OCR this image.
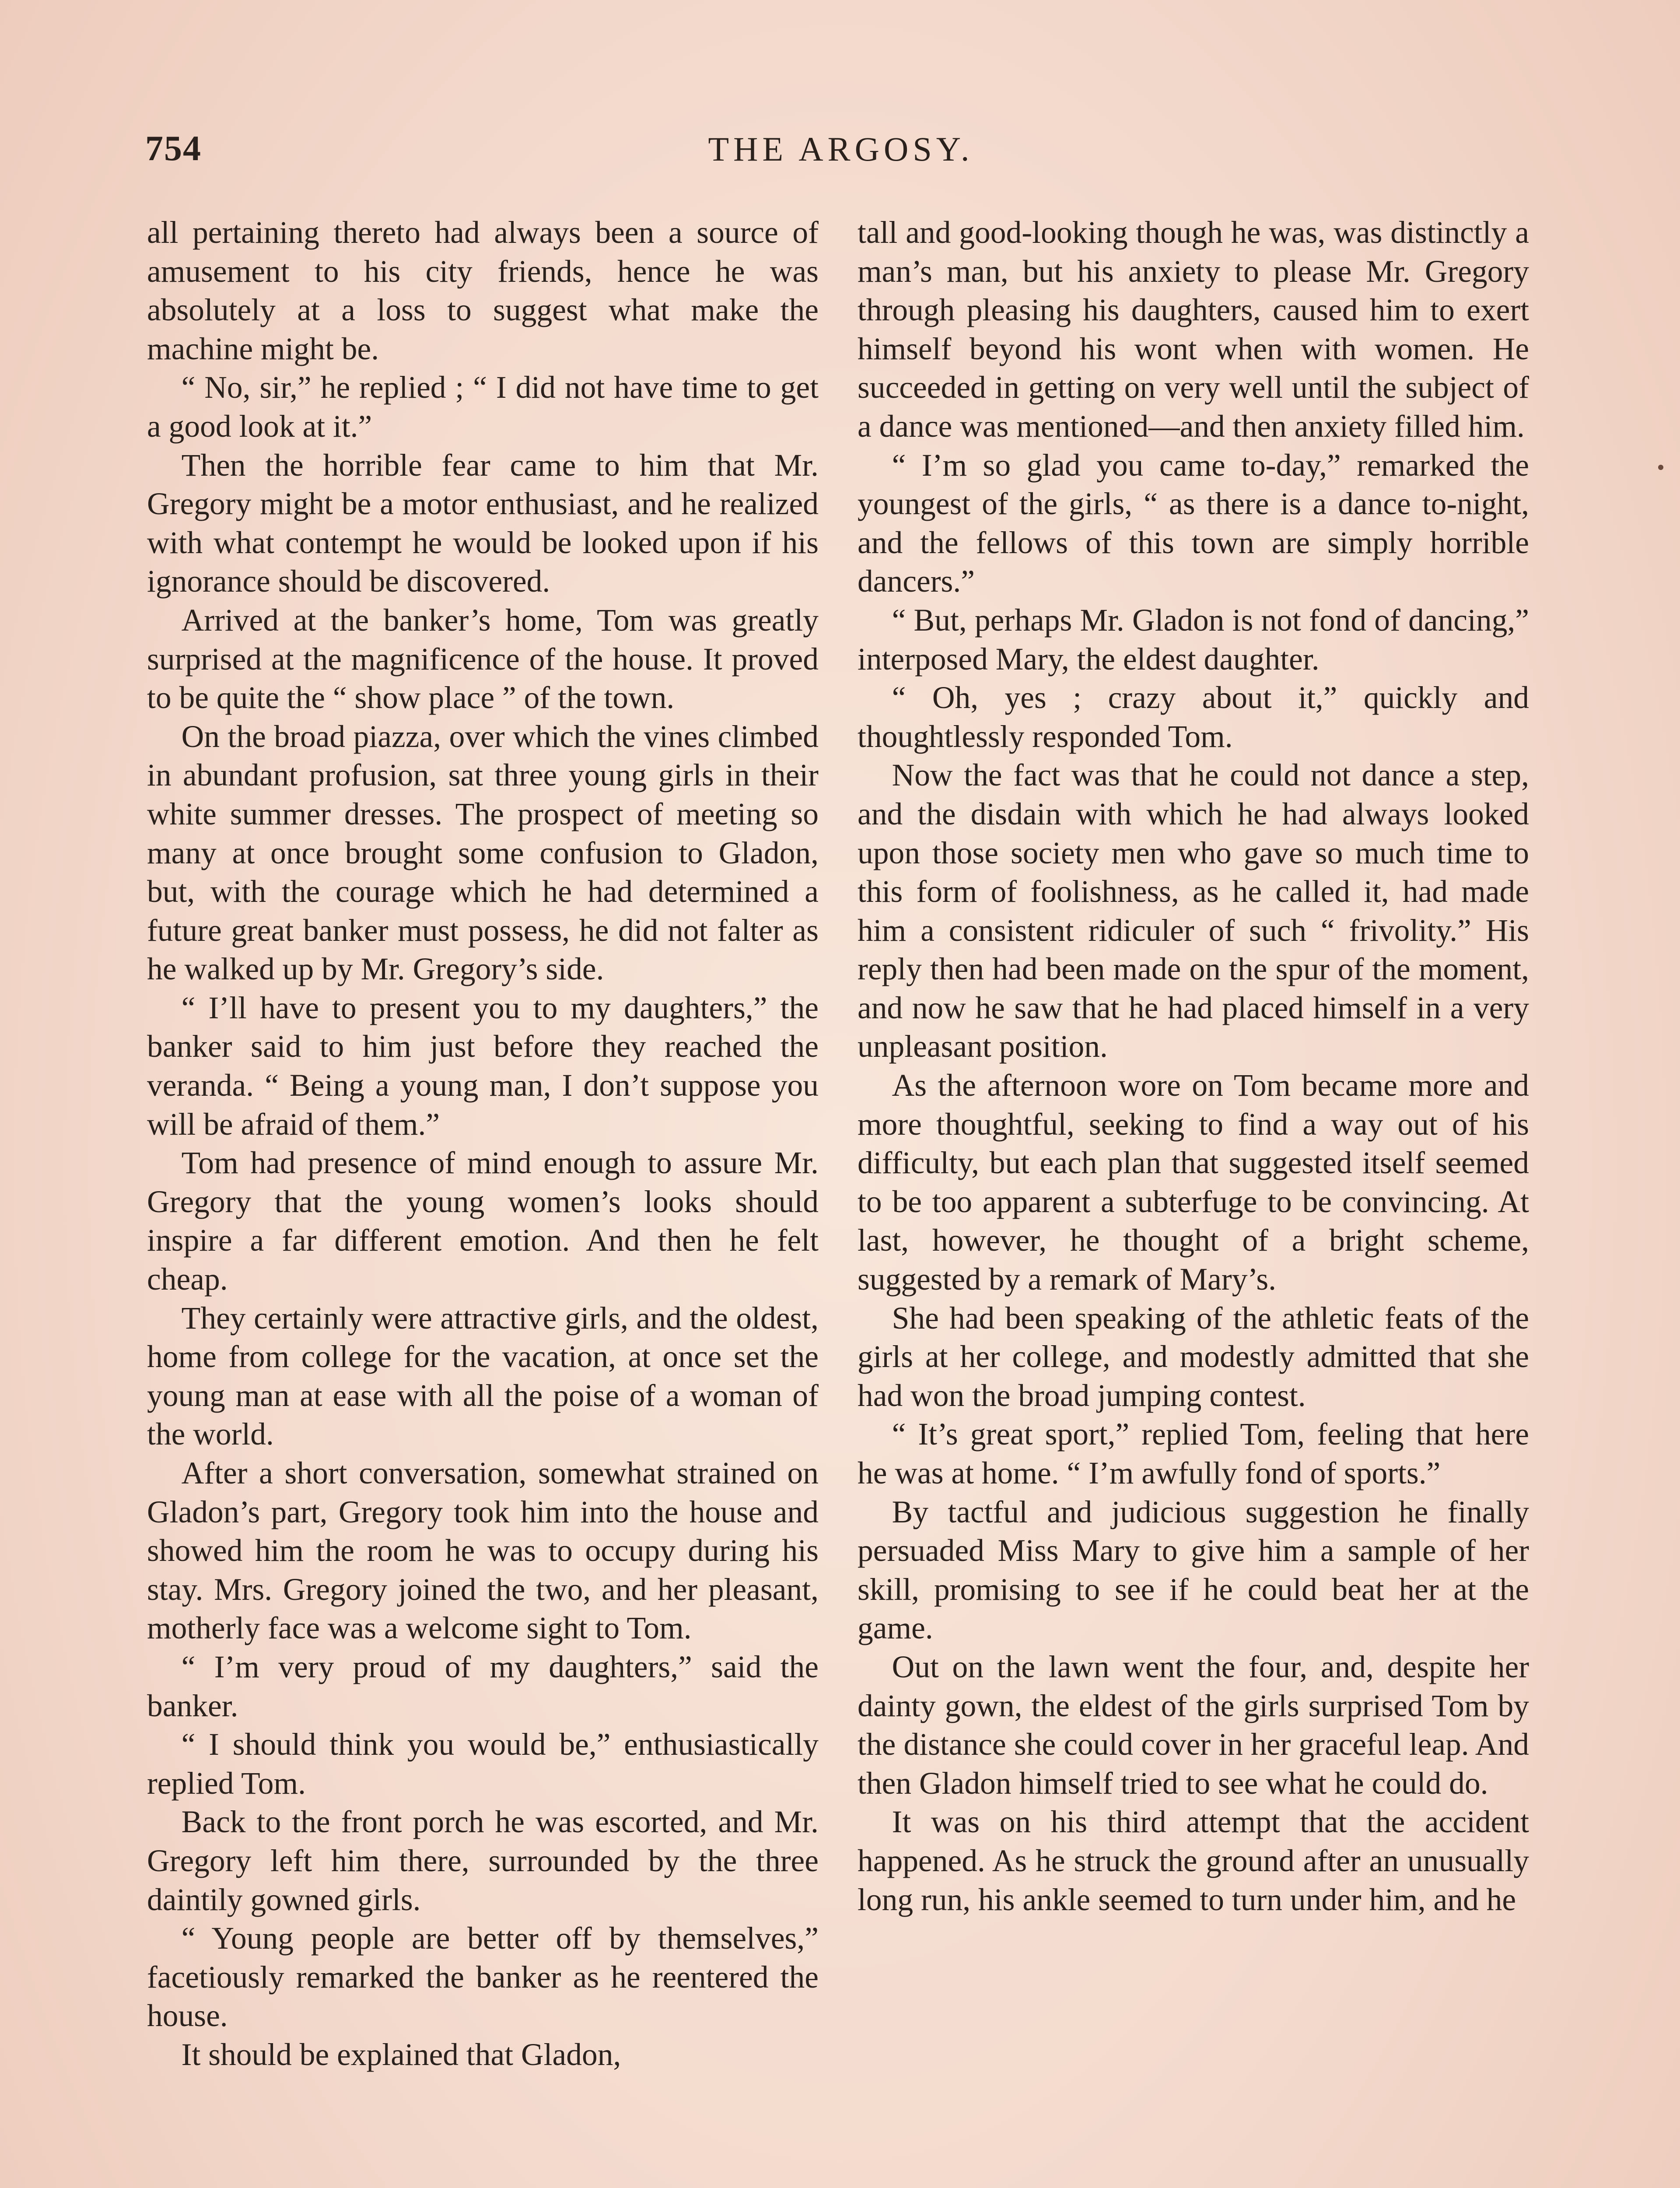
754	THE ARGOSY.

all pertaining thereto had always been a source of amusement to his city friends, hence he was absolutely at a loss to suggest what make the machine might be.

“ No, sir,” he replied ; “ I did not have time to get a good look at it.”

Then the horrible fear came to him that Mr. Gregory might be a motor enthusiast, and he realized with what contempt he would be looked upon if his ignorance should be discovered.

Arrived at the banker’s home, Tom was greatly surprised at the magnificence of the house. It proved to be quite the “ show place ” of the town.

On the broad piazza, over which the vines climbed in abundant profusion, sat three young girls in their white summer dresses. The prospect of meeting so many at once brought some confusion to Gladon, but, with the courage which he had determined a future great banker must possess, he did not falter as he walked up by Mr. Gregory’s side.

“ I’ll have to present you to my daughters,” the banker said to him just before they reached the veranda. “ Being a young man, I don’t suppose you will be afraid of them.”

Tom had presence of mind enough to assure Mr. Gregory that the young women’s looks should inspire a far different emotion. And then he felt cheap.

They certainly were attractive girls, and the oldest, home from college for the vacation, at once set the young man at ease with all the poise of a woman of the world.

After a short conversation, somewhat strained on Gladon’s part, Gregory took him into the house and showed him the room he was to occupy during his stay. Mrs. Gregory joined the two, and her pleasant, motherly face was a welcome sight to Tom.

“ I’m very proud of my daughters,” said the banker.

“ I should think you would be,” enthusiastically replied Tom.

Back to the front porch he was escorted, and Mr. Gregory left him there, surrounded by the three daintily gowned girls.

“ Young people are better off by themselves,” facetiously remarked the banker as he reentered the house.

It should be explained that Gladon,

tall and good-looking though he was, was distinctly a man’s man, but his anxiety to please Mr. Gregory through pleasing his daughters, caused him to exert himself beyond his wont when with women. He succeeded in getting on very well until the subject of a dance was mentioned—and then anxiety filled him.

“ I’m so glad you came to-day,” remarked the youngest of the girls, “ as there is a dance to-night, and the fellows of this town are simply horrible dancers.”

“ But, perhaps Mr. Gladon is not fond of dancing,” interposed Mary, the eldest daughter.

“ Oh, yes ; crazy about it,” quickly and thoughtlessly responded Tom.

Now the fact was that he could not dance a step, and the disdain with which he had always looked upon those society men who gave so much time to this form of foolishness, as he called it, had made him a consistent ridiculer of such “ frivolity.” His reply then had been made on the spur of the moment, and now he saw that he had placed himself in a very unpleasant position.

As the afternoon wore on Tom became more and more thoughtful, seeking to find a way out of his difficulty, but each plan that suggested itself seemed to be too apparent a subterfuge to be convincing. At last, however, he thought of a bright scheme, suggested by a remark of Mary’s.

She had been speaking of the athletic feats of the girls at her college, and modestly admitted that she had won the broad jumping contest.

“ It’s great sport,” replied Tom, feeling that here he was at home. “ I’m awfully fond of sports.”

By tactful and judicious suggestion he finally persuaded Miss Mary to give him a sample of her skill, promising to see if he could beat her at the game.

Out on the lawn went the four, and, despite her dainty gown, the eldest of the girls surprised Tom by the distance she could cover in her graceful leap. And then Gladon himself tried to see what he could do.

It was on his third attempt that the accident happened. As he struck the ground after an unusually long run, his ankle seemed to turn under him, and he
